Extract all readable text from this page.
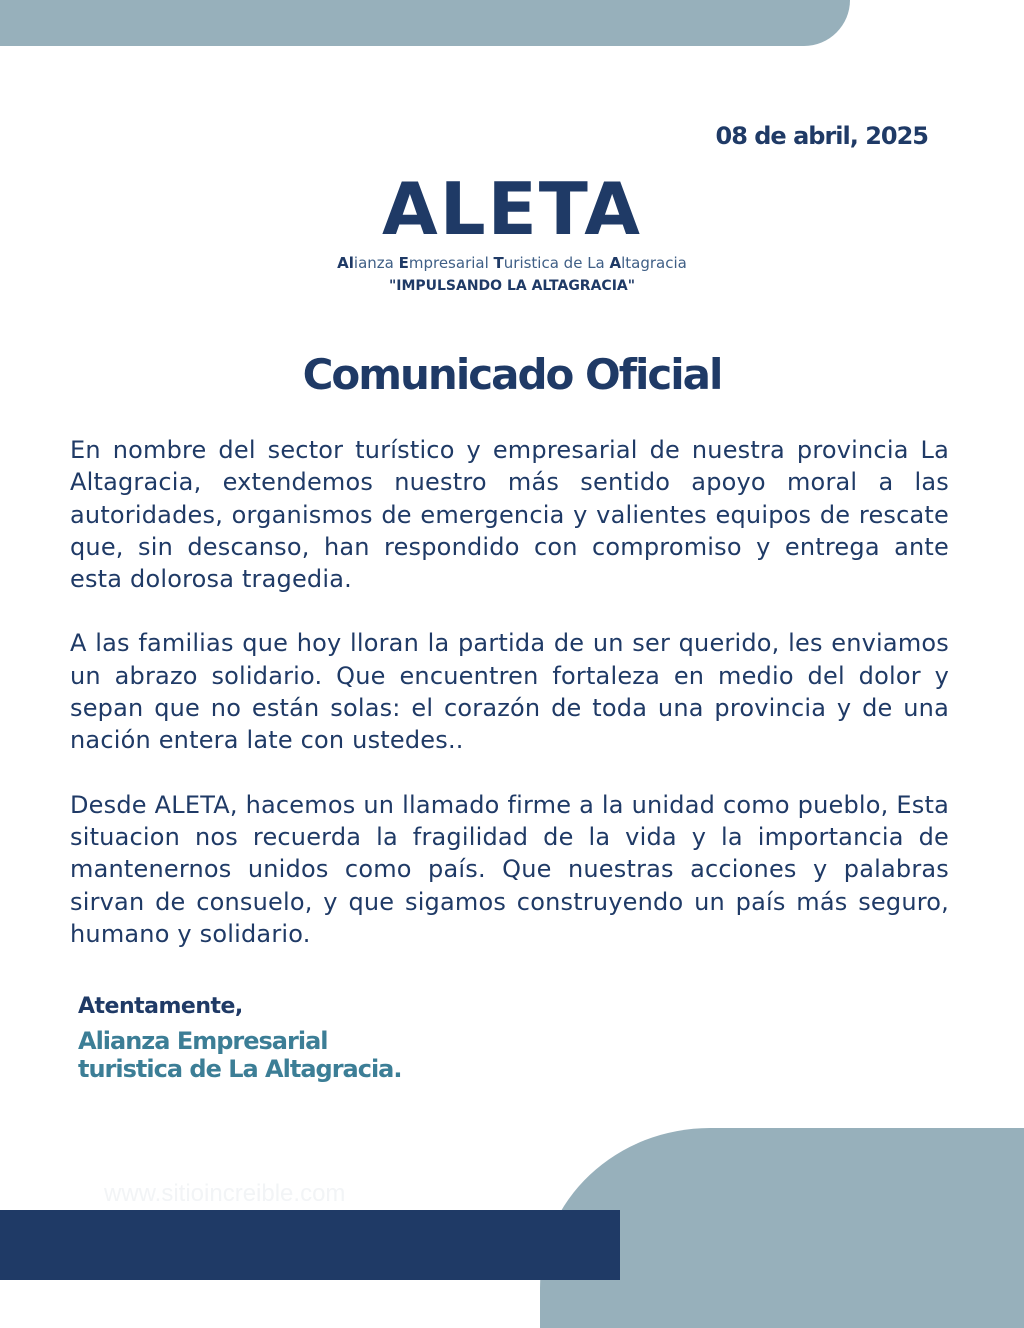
08 de abril, 2025
ALETA
Alianza Empresarial Turistica de La Altagracia
"IMPULSANDO LA ALTAGRACIA"
Comunicado Oficial

En nombre del sector turístico y empresarial de nuestra provincia La Altagracia, extendemos nuestro más sentido apoyo moral a las autoridades, organismos de emergencia y valientes equipos de rescate que, sin descanso, han respondido con compromiso y entrega ante esta dolorosa tragedia.

A las familias que hoy lloran la partida de un ser querido, les enviamos un abrazo solidario. Que encuentren fortaleza en medio del dolor y sepan que no están solas: el corazón de toda una provincia y de una nación entera late con ustedes..

Desde ALETA, hacemos un llamado firme a la unidad como pueblo, Esta situacion nos recuerda la fragilidad de la vida y la importancia de mantenernos unidos como país. Que nuestras acciones y palabras sirvan de consuelo, y que sigamos construyendo un país más seguro, humano y solidario.

Atentamente,
Alianza Empresarial
turistica de La Altagracia.
www.sitioincreible.com
